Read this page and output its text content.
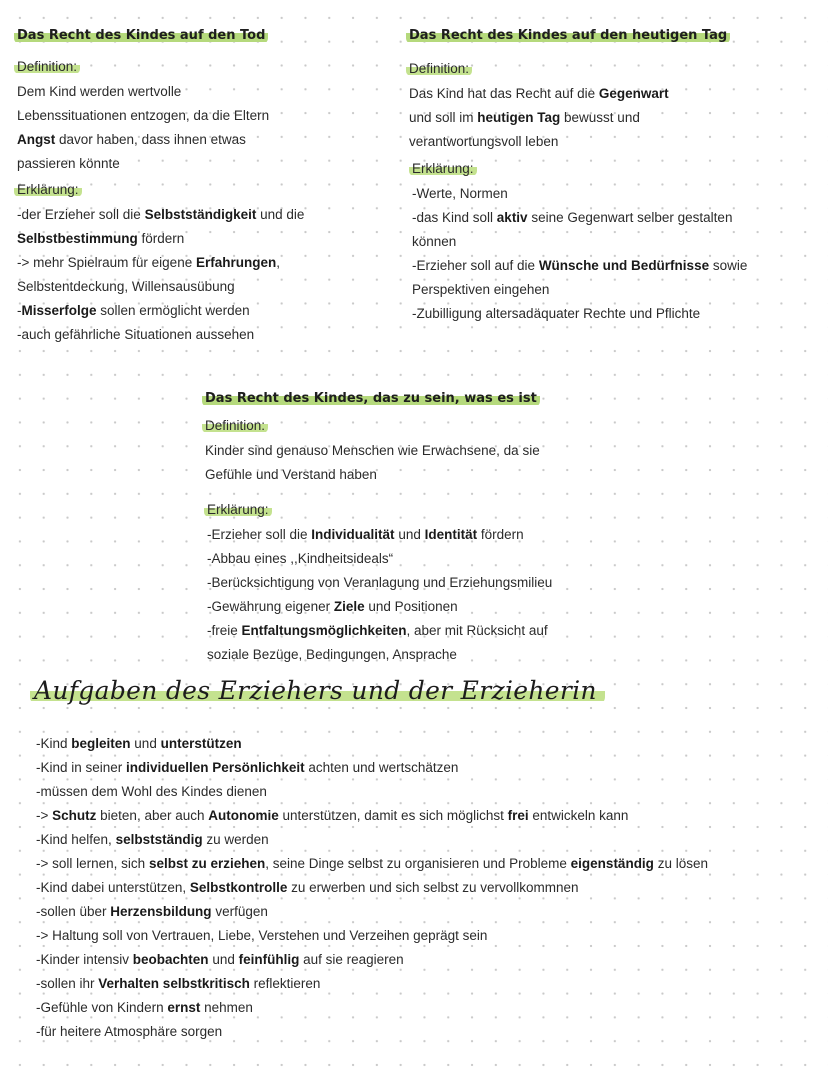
Das Recht des Kindes auf den Tod
Definition:
Dem Kind werden wertvolle
Lebenssituationen entzogen, da die Eltern
Angst davor haben, dass ihnen etwas
passieren könnte
Erklärung:
-der Erzieher soll die Selbstständigkeit und die
Selbstbestimmung fördern
-> mehr Spielraum für eigene Erfahrungen,
Selbstentdeckung, Willensausübung
-Misserfolge sollen ermöglicht werden
-auch gefährliche Situationen aussehen
Das Recht des Kindes auf den heutigen Tag
Definition:
Das Kind hat das Recht auf die Gegenwart
und soll im heutigen Tag bewusst und
verantwortungsvoll leben
Erklärung:
-Werte, Normen
-das Kind soll aktiv seine Gegenwart selber gestalten
können
-Erzieher soll auf die Wünsche und Bedürfnisse sowie
Perspektiven eingehen
-Zubilligung altersadäquater Rechte und Pflichte
Das Recht des Kindes, das zu sein, was es ist
Definition:
Kinder sind genauso Menschen wie Erwachsene, da sie
Gefühle und Verstand haben
Erklärung:
-Erzieher soll die Individualität und Identität fördern
-Abbau eines ,,Kindheitsideals“
-Berücksichtigung von Veranlagung und Erziehungsmilieu
-Gewährung eigener Ziele und Positionen
-freie Entfaltungsmöglichkeiten, aber mit Rücksicht auf
soziale Bezüge, Bedingungen, Ansprache
Aufgaben des Erziehers und der Erzieherin
-Kind begleiten und unterstützen
-Kind in seiner individuellen Persönlichkeit achten und wertschätzen
-müssen dem Wohl des Kindes dienen
-> Schutz bieten, aber auch Autonomie unterstützen, damit es sich möglichst frei entwickeln kann
-Kind helfen, selbstständig zu werden
-> soll lernen, sich selbst zu erziehen, seine Dinge selbst zu organisieren und Probleme eigenständig zu lösen
-Kind dabei unterstützen, Selbstkontrolle zu erwerben und sich selbst zu vervollkommnen
-sollen über Herzensbildung verfügen
-> Haltung soll von Vertrauen, Liebe, Verstehen und Verzeihen geprägt sein
-Kinder intensiv beobachten und feinfühlig auf sie reagieren
-sollen ihr Verhalten selbstkritisch reflektieren
-Gefühle von Kindern ernst nehmen
-für heitere Atmosphäre sorgen
